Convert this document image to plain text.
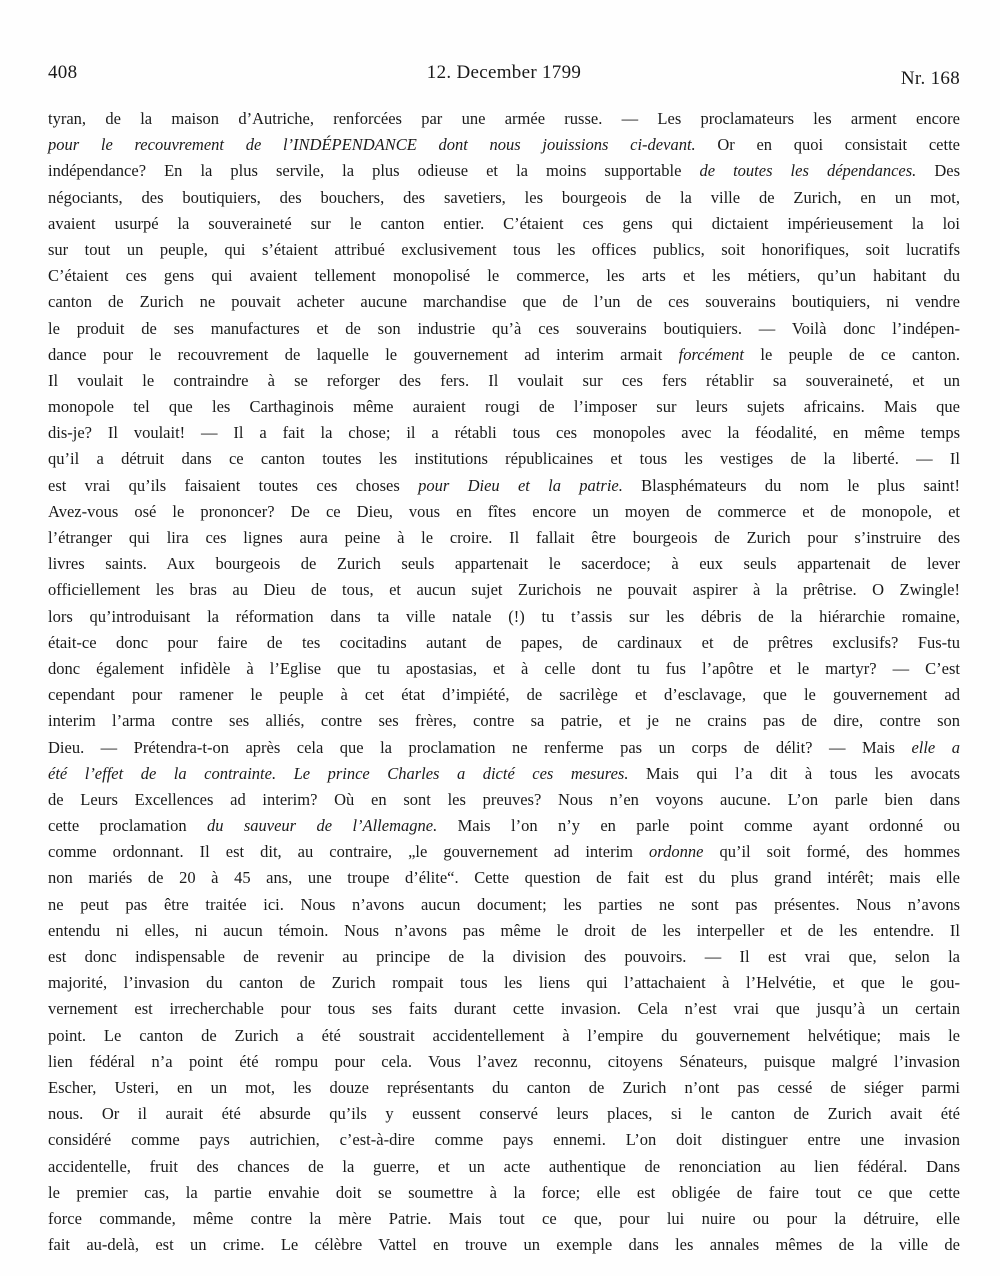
408	12. December 1799	Nr. 168
tyran, de la maison d’Autriche, renforcées par une armée russe. — Les proclamateurs les arment encore
pour le recouvrement de l’INDÉPENDANCE dont nous jouissions ci-devant. Or en quoi consistait cette
indépendance? En la plus servile, la plus odieuse et la moins supportable de toutes les dépendances. Des
négociants, des boutiquiers, des bouchers, des savetiers, les bourgeois de la ville de Zurich, en un mot,
avaient usurpé la souveraineté sur le canton entier. C’étaient ces gens qui dictaient impérieusement la loi
sur tout un peuple, qui s’étaient attribué exclusivement tous les offices publics, soit honorifiques, soit lucratifs
C’étaient ces gens qui avaient tellement monopolisé le commerce, les arts et les métiers, qu’un habitant du
canton de Zurich ne pouvait acheter aucune marchandise que de l’un de ces souverains boutiquiers, ni vendre
le produit de ses manufactures et de son industrie qu’à ces souverains boutiquiers. — Voilà donc l’indépen-
dance pour le recouvrement de laquelle le gouvernement ad interim armait forcément le peuple de ce canton.
Il voulait le contraindre à se reforger des fers. Il voulait sur ces fers rétablir sa souveraineté, et un
monopole tel que les Carthaginois même auraient rougi de l’imposer sur leurs sujets africains. Mais que
dis-je? Il voulait! — Il a fait la chose; il a rétabli tous ces monopoles avec la féodalité, en même temps
qu’il a détruit dans ce canton toutes les institutions républicaines et tous les vestiges de la liberté. — Il
est vrai qu’ils faisaient toutes ces choses pour Dieu et la patrie. Blasphémateurs du nom le plus saint!
Avez-vous osé le prononcer? De ce Dieu, vous en fîtes encore un moyen de commerce et de monopole, et
l’étranger qui lira ces lignes aura peine à le croire. Il fallait être bourgeois de Zurich pour s’instruire des
livres saints. Aux bourgeois de Zurich seuls appartenait le sacerdoce; à eux seuls appartenait de lever
officiellement les bras au Dieu de tous, et aucun sujet Zurichois ne pouvait aspirer à la prêtrise. O Zwingle!
lors qu’introduisant la réformation dans ta ville natale (!) tu t’assis sur les débris de la hiérarchie romaine,
était-ce donc pour faire de tes cocitadins autant de papes, de cardinaux et de prêtres exclusifs? Fus-tu
donc également infidèle à l’Eglise que tu apostasias, et à celle dont tu fus l’apôtre et le martyr? — C’est
cependant pour ramener le peuple à cet état d’impiété, de sacrilège et d’esclavage, que le gouvernement ad
interim l’arma contre ses alliés, contre ses frères, contre sa patrie, et je ne crains pas de dire, contre son
Dieu. — Prétendra-t-on après cela que la proclamation ne renferme pas un corps de délit? — Mais elle a
été l’effet de la contrainte. Le prince Charles a dicté ces mesures. Mais qui l’a dit à tous les avocats
de Leurs Excellences ad interim? Où en sont les preuves? Nous n’en voyons aucune. L’on parle bien dans
cette proclamation du sauveur de l’Allemagne. Mais l’on n’y en parle point comme ayant ordonné ou
comme ordonnant. Il est dit, au contraire, „le gouvernement ad interim ordonne qu’il soit formé, des hommes
non mariés de 20 à 45 ans, une troupe d’élite“. Cette question de fait est du plus grand intérêt; mais elle
ne peut pas être traitée ici. Nous n’avons aucun document; les parties ne sont pas présentes. Nous n’avons
entendu ni elles, ni aucun témoin. Nous n’avons pas même le droit de les interpeller et de les entendre. Il
est donc indispensable de revenir au principe de la division des pouvoirs. — Il est vrai que, selon la
majorité, l’invasion du canton de Zurich rompait tous les liens qui l’attachaient à l’Helvétie, et que le gou-
vernement est irrecherchable pour tous ses faits durant cette invasion. Cela n’est vrai que jusqu’à un certain
point. Le canton de Zurich a été soustrait accidentellement à l’empire du gouvernement helvétique; mais le
lien fédéral n’a point été rompu pour cela. Vous l’avez reconnu, citoyens Sénateurs, puisque malgré l’invasion
Escher, Usteri, en un mot, les douze représentants du canton de Zurich n’ont pas cessé de siéger parmi
nous. Or il aurait été absurde qu’ils y eussent conservé leurs places, si le canton de Zurich avait été
considéré comme pays autrichien, c’est-à-dire comme pays ennemi. L’on doit distinguer entre une invasion
accidentelle, fruit des chances de la guerre, et un acte authentique de renonciation au lien fédéral. Dans
le premier cas, la partie envahie doit se soumettre à la force; elle est obligée de faire tout ce que cette
force commande, même contre la mère Patrie. Mais tout ce que, pour lui nuire ou pour la détruire, elle
fait au-delà, est un crime. Le célèbre Vattel en trouve un exemple dans les annales mêmes de la ville de
